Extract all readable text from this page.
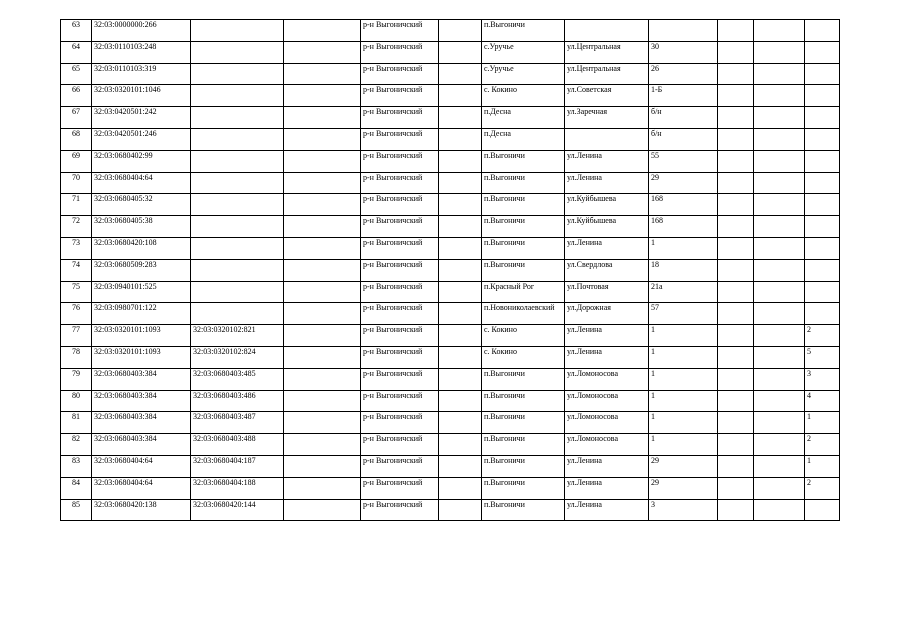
63	32:03:0000000:266			р-н Выгоничский		п.Выгоничи					
64	32:03:0110103:248			р-н Выгоничский		с.Уручье	ул.Центральная	30			
65	32:03:0110103:319			р-н Выгоничский		с.Уручье	ул.Центральная	26			
66	32:03:0320101:1046			р-н Выгоничский		с. Кокино	ул.Советская	1-Б			
67	32:03:0420501:242			р-н Выгоничский		п.Десна	ул.Заречная	б/н			
68	32:03:0420501:246			р-н Выгоничский		п.Десна		б/н			
69	32:03:0680402:99			р-н Выгоничский		п.Выгоничи	ул.Ленина	55			
70	32:03:0680404:64			р-н Выгоничский		п.Выгоничи	ул.Ленина	29			
71	32:03:0680405:32			р-н Выгоничский		п.Выгоничи	ул.Куйбышева	168			
72	32:03:0680405:38			р-н Выгоничский		п.Выгоничи	ул.Куйбышева	168			
73	32:03:0680420:108			р-н Выгоничский		п.Выгоничи	ул.Ленина	1			
74	32:03:0680509:283			р-н Выгоничский		п.Выгоничи	ул.Свердлова	18			
75	32:03:0940101:525			р-н Выгоничский		п.Красный Рог	ул.Почтовая	21а			
76	32:03:0980701:122			р-н Выгоничский		п.Новониколаевский	ул.Дорожная	57			
77	32:03:0320101:1093	32:03:0320102:821		р-н Выгоничский		с. Кокино	ул.Ленина	1			2
78	32:03:0320101:1093	32:03:0320102:824		р-н Выгоничский		с. Кокино	ул.Ленина	1			5
79	32:03:0680403:384	32:03:0680403:485		р-н Выгоничский		п.Выгоничи	ул.Ломоносова	1			3
80	32:03:0680403:384	32:03:0680403:486		р-н Выгоничский		п.Выгоничи	ул.Ломоносова	1			4
81	32:03:0680403:384	32:03:0680403:487		р-н Выгоничский		п.Выгоничи	ул.Ломоносова	1			1
82	32:03:0680403:384	32:03:0680403:488		р-н Выгоничский		п.Выгоничи	ул.Ломоносова	1			2
83	32:03:0680404:64	32:03:0680404:187		р-н Выгоничский		п.Выгоничи	ул.Ленина	29			1
84	32:03:0680404:64	32:03:0680404:188		р-н Выгоничский		п.Выгоничи	ул.Ленина	29			2
85	32:03:0680420:138	32:03:0680420:144		р-н Выгоничский		п.Выгоничи	ул.Ленина	3			
